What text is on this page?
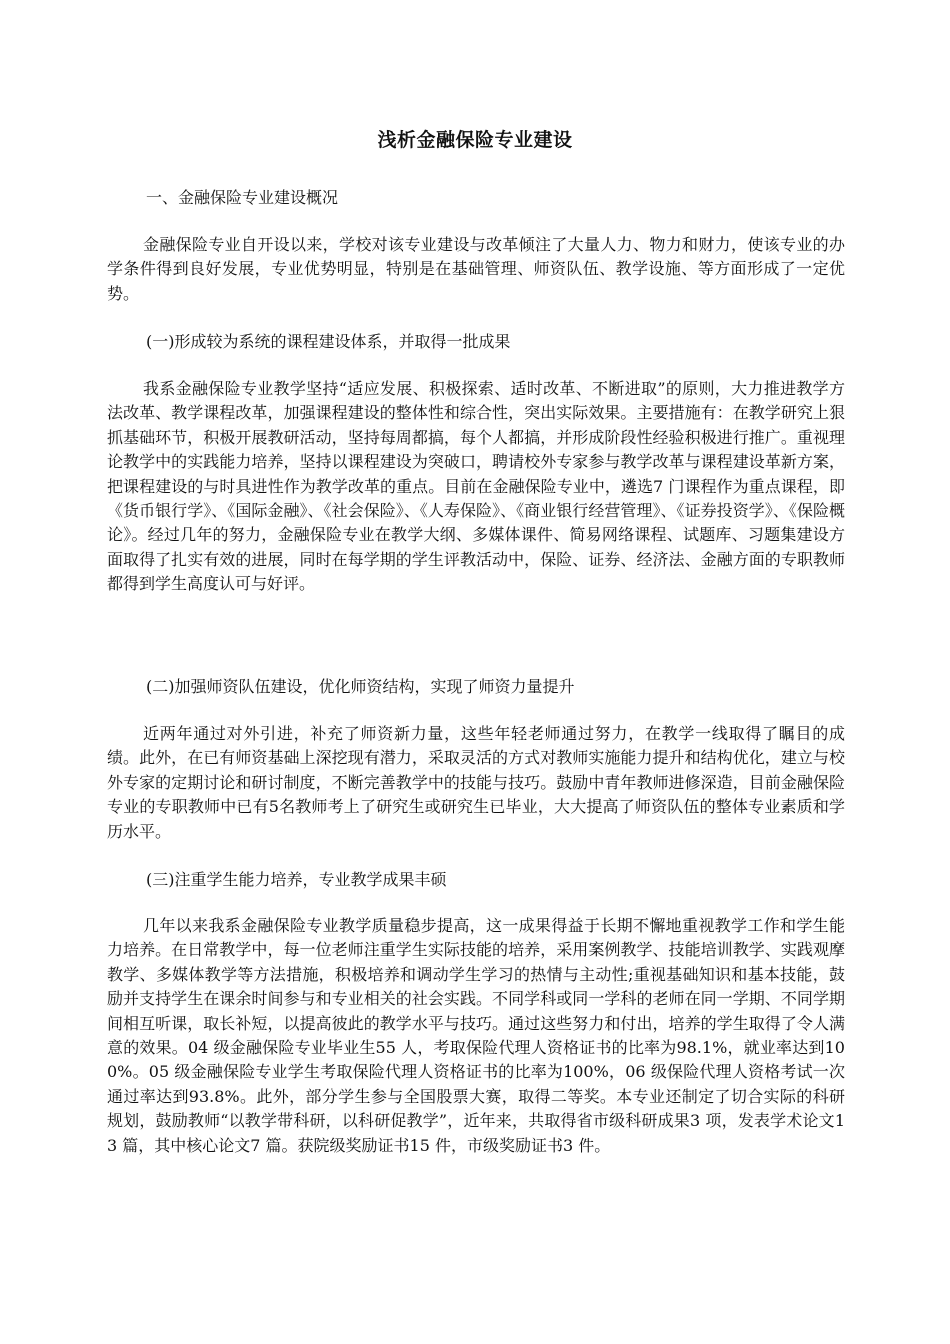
浅析金融保险专业建设
一、金融保险专业建设概况
金融保险专业自开设以来，学校对该专业建设与改革倾注了大量人力、物力和财力，使该专业的办学条件得到良好发展，专业优势明显，特别是在基础管理、师资队伍、教学设施、等方面形成了一定优势。
(一)形成较为系统的课程建设体系，并取得一批成果
我系金融保险专业教学坚持“适应发展、积极探索、适时改革、不断进取”的原则，大力推进教学方法改革、教学课程改革，加强课程建设的整体性和综合性，突出实际效果。主要措施有：在教学研究上狠抓基础环节，积极开展教研活动，坚持每周都搞，每个人都搞，并形成阶段性经验积极进行推广。重视理论教学中的实践能力培养，坚持以课程建设为突破口，聘请校外专家参与教学改革与课程建设革新方案，把课程建设的与时具进性作为教学改革的重点。目前在金融保险专业中，遴选7 门课程作为重点课程，即《货币银行学》、《国际金融》、《社会保险》、《人寿保险》、《商业银行经营管理》、《证券投资学》、《保险概论》。经过几年的努力，金融保险专业在教学大纲、多媒体课件、简易网络课程、试题库、习题集建设方面取得了扎实有效的进展，同时在每学期的学生评教活动中，保险、证券、经济法、金融方面的专职教师都得到学生高度认可与好评。
(二)加强师资队伍建设，优化师资结构，实现了师资力量提升
近两年通过对外引进，补充了师资新力量，这些年轻老师通过努力，在教学一线取得了瞩目的成绩。此外，在已有师资基础上深挖现有潜力，采取灵活的方式对教师实施能力提升和结构优化，建立与校外专家的定期讨论和研讨制度，不断完善教学中的技能与技巧。鼓励中青年教师进修深造，目前金融保险专业的专职教师中已有5名教师考上了研究生或研究生已毕业，大大提高了师资队伍的整体专业素质和学历水平。
(三)注重学生能力培养，专业教学成果丰硕
几年以来我系金融保险专业教学质量稳步提高，这一成果得益于长期不懈地重视教学工作和学生能力培养。在日常教学中，每一位老师注重学生实际技能的培养，采用案例教学、技能培训教学、实践观摩教学、多媒体教学等方法措施，积极培养和调动学生学习的热情与主动性;重视基础知识和基本技能，鼓励并支持学生在课余时间参与和专业相关的社会实践。不同学科或同一学科的老师在同一学期、不同学期间相互听课，取长补短，以提高彼此的教学水平与技巧。通过这些努力和付出，培养的学生取得了令人满意的效果。04 级金融保险专业毕业生55 人，考取保险代理人资格证书的比率为98.1%，就业率达到100%。05 级金融保险专业学生考取保险代理人资格证书的比率为100%，06 级保险代理人资格考试一次通过率达到93.8%。此外，部分学生参与全国股票大赛，取得二等奖。本专业还制定了切合实际的科研规划，鼓励教师“以教学带科研，以科研促教学”，近年来，共取得省市级科研成果3 项，发表学术论文13 篇，其中核心论文7 篇。获院级奖励证书15 件，市级奖励证书3 件。
